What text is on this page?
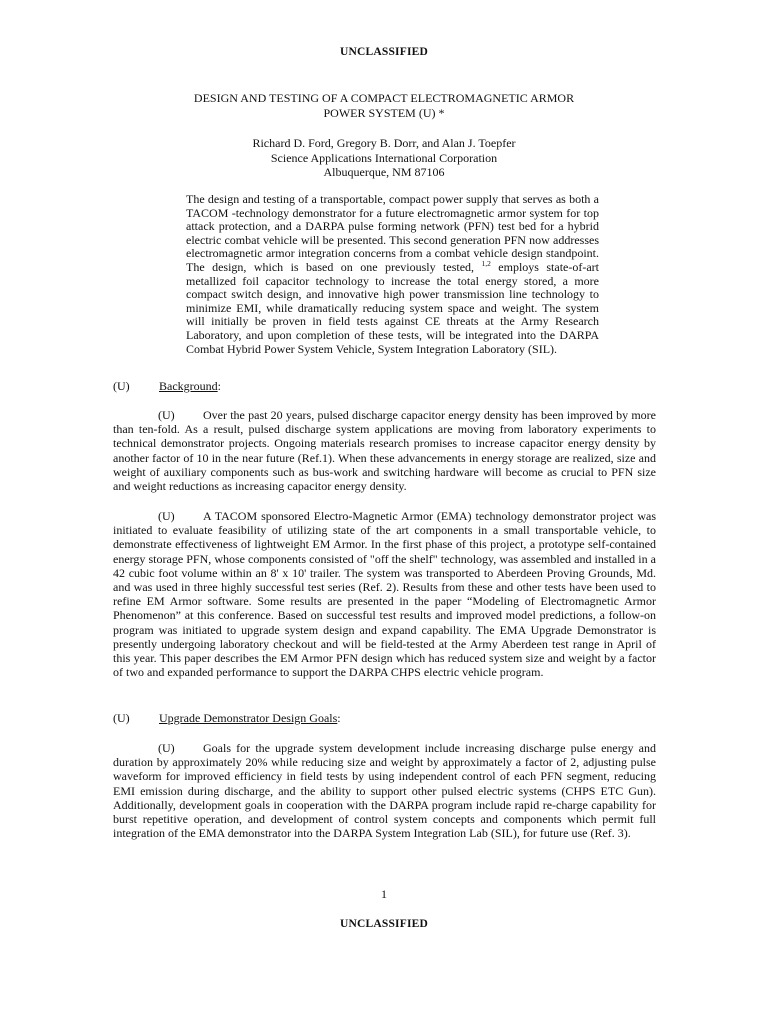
UNCLASSIFIED
DESIGN AND TESTING OF A COMPACT ELECTROMAGNETIC ARMOR
POWER SYSTEM (U) *
Richard D. Ford, Gregory B. Dorr, and Alan J. Toepfer
Science Applications International Corporation
Albuquerque, NM 87106

The design and testing of a transportable, compact power supply that serves as both a TACOM -technology demonstrator for a future electromagnetic armor system for top attack protection, and a DARPA pulse forming network (PFN) test bed for a hybrid electric combat vehicle will be presented. This second generation PFN now addresses electromagnetic armor integration concerns from a combat vehicle design standpoint. The design, which is based on one previously tested, $^{1,2}$ employs state-of-art metallized foil capacitor technology to increase the total energy stored, a more compact switch design, and innovative high power transmission line technology to minimize EMI, while dramatically reducing system space and weight. The system will initially be proven in field tests against CE threats at the Army Research Laboratory, and upon completion of these tests, will be integrated into the DARPA Combat Hybrid Power System Vehicle, System Integration Laboratory (SIL).

(U) Background:

(U) Over the past 20 years, pulsed discharge capacitor energy density has been improved by more than ten-fold. As a result, pulsed discharge system applications are moving from laboratory experiments to technical demonstrator projects. Ongoing materials research promises to increase capacitor energy density by another factor of 10 in the near future (Ref.1). When these advancements in energy storage are realized, size and weight of auxiliary components such as bus-work and switching hardware will become as crucial to PFN size and weight reductions as increasing capacitor energy density.

(U) A TACOM sponsored Electro-Magnetic Armor (EMA) technology demonstrator project was initiated to evaluate feasibility of utilizing state of the art components in a small transportable vehicle, to demonstrate effectiveness of lightweight EM Armor. In the first phase of this project, a prototype self-contained energy storage PFN, whose components consisted of "off the shelf" technology, was assembled and installed in a 42 cubic foot volume within an 8' x 10' trailer. The system was transported to Aberdeen Proving Grounds, Md. and was used in three highly successful test series (Ref. 2). Results from these and other tests have been used to refine EM Armor software. Some results are presented in the paper “Modeling of Electromagnetic Armor Phenomenon” at this conference. Based on successful test results and improved model predictions, a follow-on program was initiated to upgrade system design and expand capability. The EMA Upgrade Demonstrator is presently undergoing laboratory checkout and will be field-tested at the Army Aberdeen test range in April of this year. This paper describes the EM Armor PFN design which has reduced system size and weight by a factor of two and expanded performance to support the DARPA CHPS electric vehicle program.

(U) Upgrade Demonstrator Design Goals:

(U) Goals for the upgrade system development include increasing discharge pulse energy and duration by approximately 20% while reducing size and weight by approximately a factor of 2, adjusting pulse waveform for improved efficiency in field tests by using independent control of each PFN segment, reducing EMI emission during discharge, and the ability to support other pulsed electric systems (CHPS ETC Gun). Additionally, development goals in cooperation with the DARPA program include rapid re-charge capability for burst repetitive operation, and development of control system concepts and components which permit full integration of the EMA demonstrator into the DARPA System Integration Lab (SIL), for future use (Ref. 3).

1
UNCLASSIFIED
